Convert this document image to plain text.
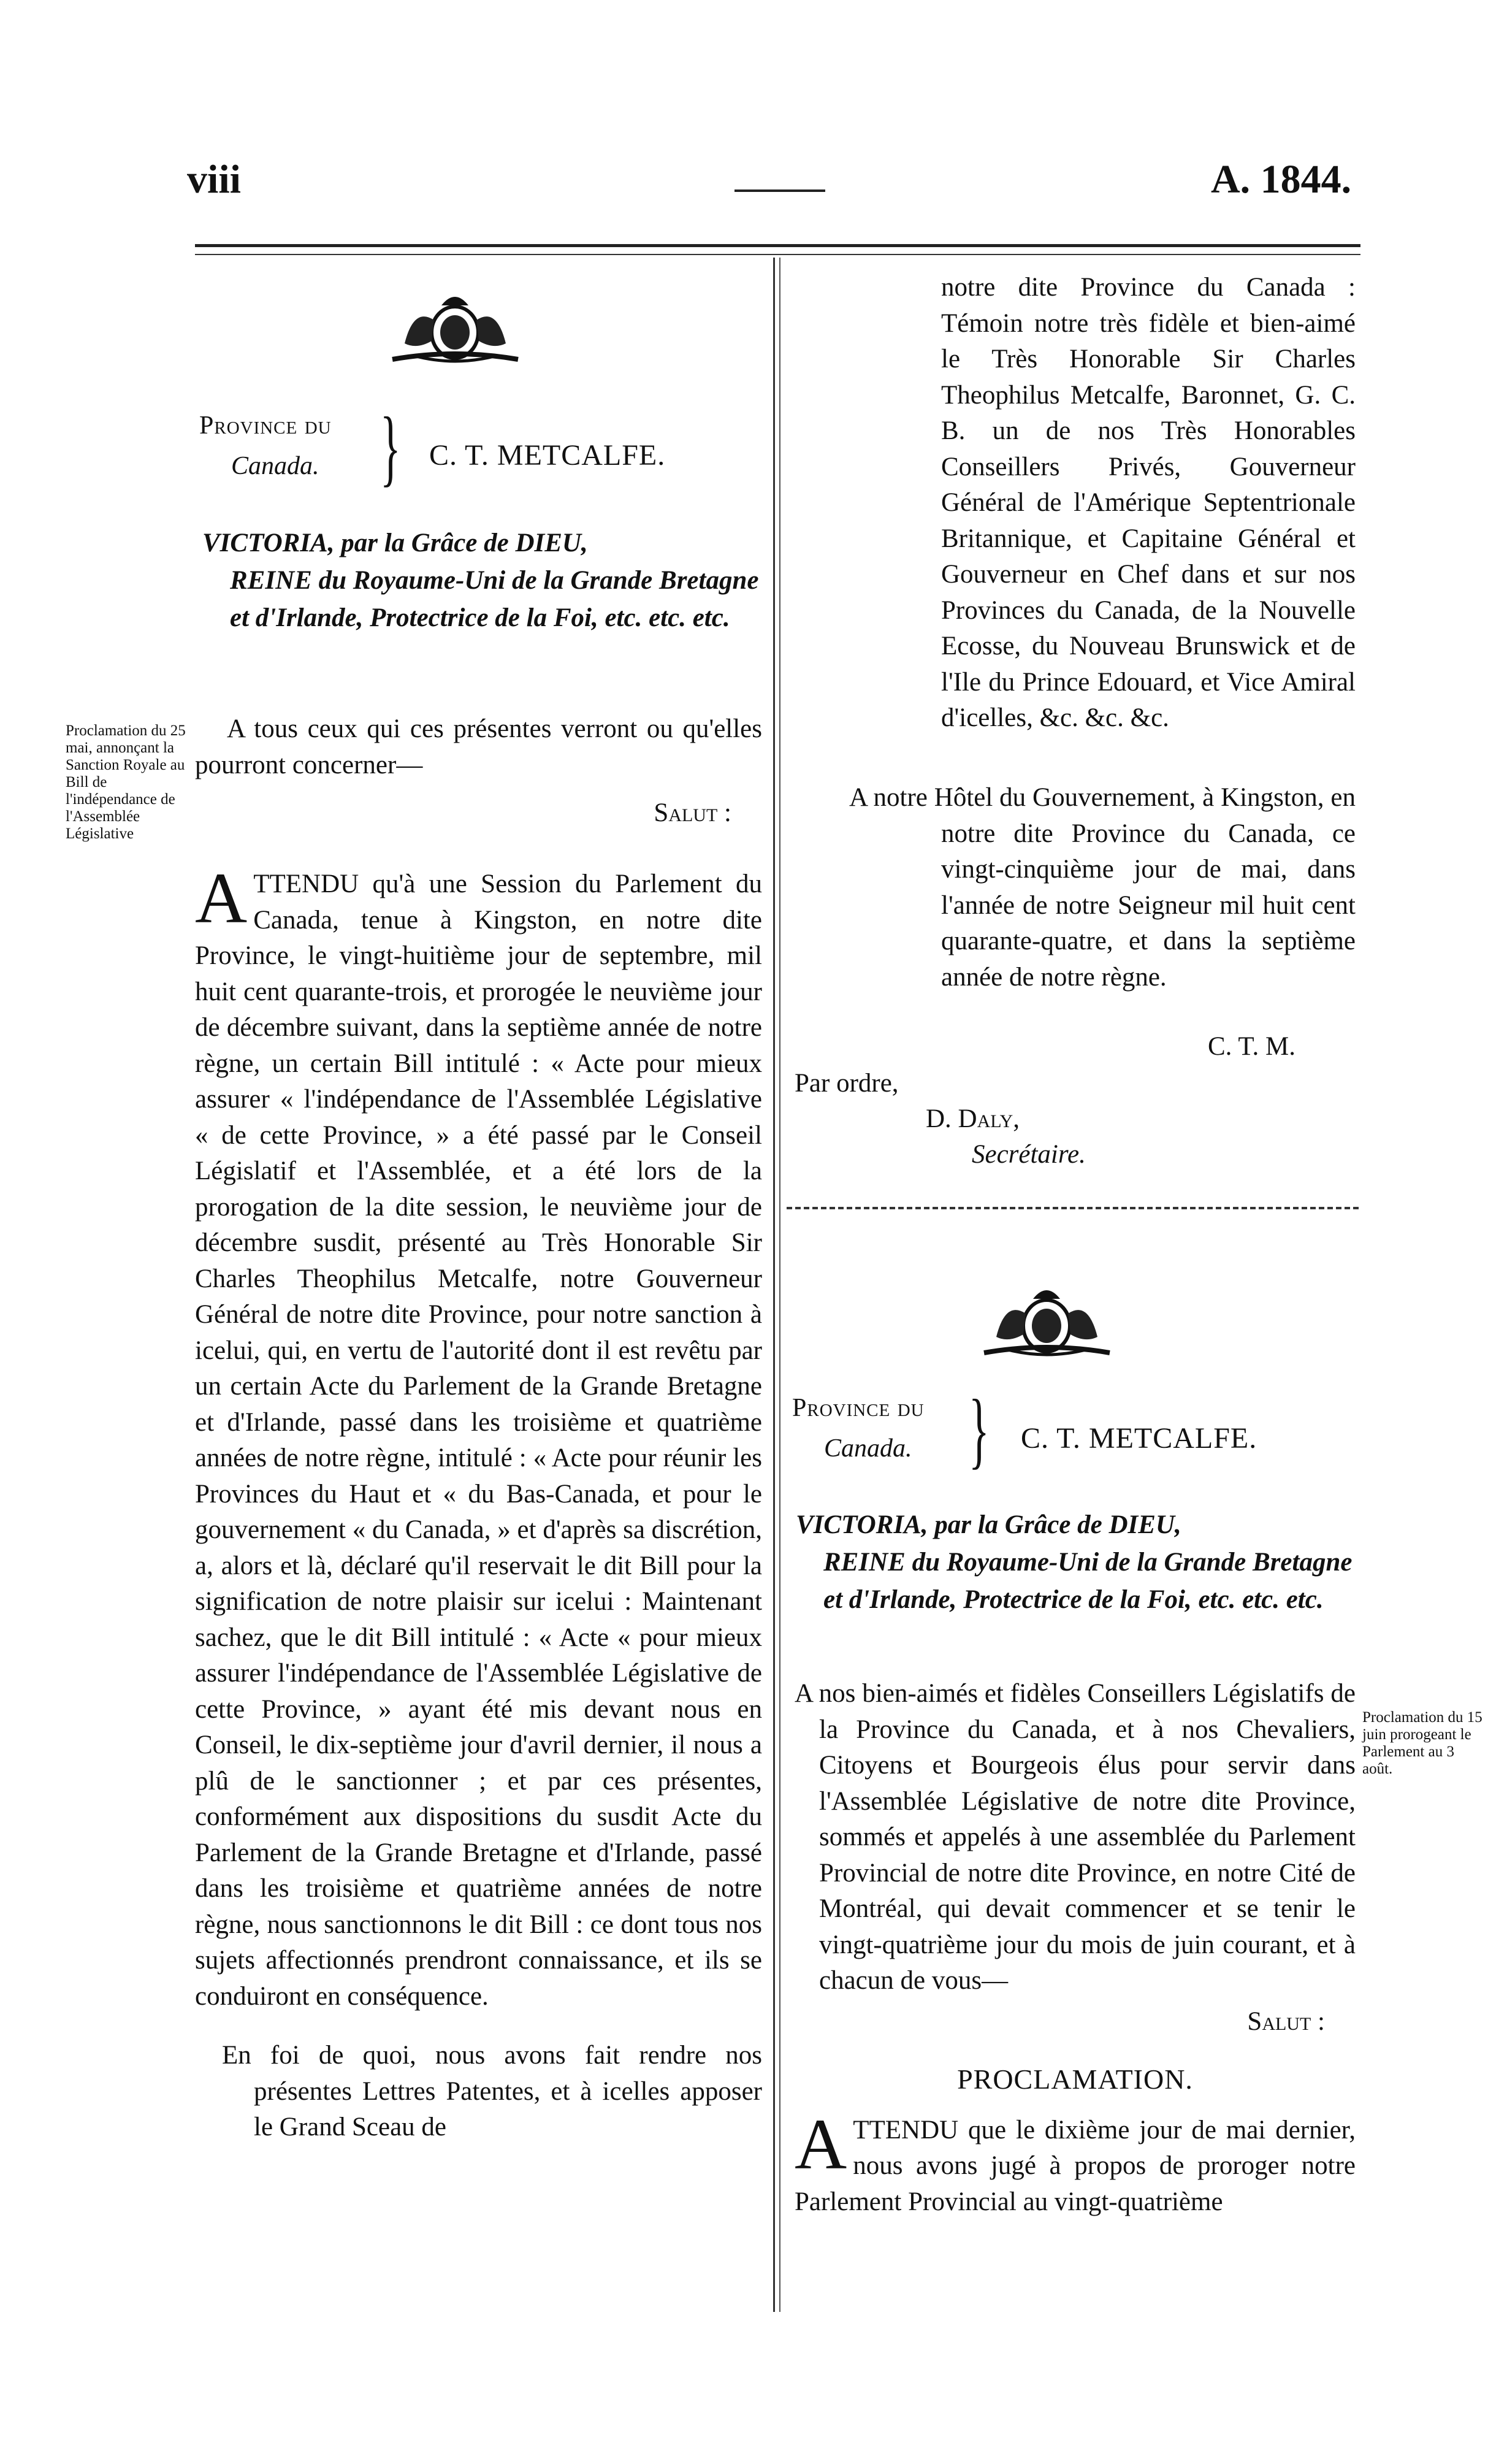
viii	A. 1844.
Province du
Canada. } C. T. METCALFE.
VICTORIA, par la Grâce de DIEU,
REINE du Royaume-Uni de la Grande Bretagne et d'Irlande, Protectrice de la Foi, etc. etc. etc.
Proclamation du 25 mai, annonçant la Sanction Royale au Bill de l'indépendance de l'Assemblée Législative

A tous ceux qui ces présentes verront ou qu'elles pourront concerner—

Salut :

A TTENDU qu'à une Session du Parlement du Canada, tenue à Kingston, en notre dite Province, le vingt-huitième jour de septembre, mil huit cent quarante-trois, et prorogée le neuvième jour de décembre suivant, dans la septième année de notre règne, un certain Bill intitulé : « Acte pour mieux assurer « l'indépendance de l'Assemblée Législative « de cette Province, » a été passé par le Conseil Législatif et l'Assemblée, et a été lors de la prorogation de la dite session, le neuvième jour de décembre susdit, présenté au Très Honorable Sir Charles Theophilus Metcalfe, notre Gouverneur Général de notre dite Province, pour notre sanction à icelui, qui, en vertu de l'autorité dont il est revêtu par un certain Acte du Parlement de la Grande Bretagne et d'Irlande, passé dans les troisième et quatrième années de notre règne, intitulé : « Acte pour réunir les Provinces du Haut et « du Bas-Canada, et pour le gouvernement « du Canada, » et d'après sa discrétion, a, alors et là, déclaré qu'il reservait le dit Bill pour la signification de notre plaisir sur icelui : Maintenant sachez, que le dit Bill intitulé : « Acte « pour mieux assurer l'indépendance de l'Assemblée Législative de cette Province, » ayant été mis devant nous en Conseil, le dix-septième jour d'avril dernier, il nous a plû de le sanctionner ; et par ces présentes, conformément aux dispositions du susdit Acte du Parlement de la Grande Bretagne et d'Irlande, passé dans les troisième et quatrième années de notre règne, nous sanctionnons le dit Bill : ce dont tous nos sujets affectionnés prendront connaissance, et ils se conduiront en conséquence.

En foi de quoi, nous avons fait rendre nos présentes Lettres Patentes, et à icelles apposer le Grand Sceau de

notre dite Province du Canada : Témoin notre très fidèle et bien-aimé le Très Honorable Sir Charles Theophilus Metcalfe, Baronnet, G. C. B. un de nos Très Honorables Conseillers Privés, Gouverneur Général de l'Amérique Septentrionale Britannique, et Capitaine Général et Gouverneur en Chef dans et sur nos Provinces du Canada, de la Nouvelle Ecosse, du Nouveau Brunswick et de l'Ile du Prince Edouard, et Vice Amiral d'icelles, &c. &c. &c.

A notre Hôtel du Gouvernement, à Kingston, en notre dite Province du Canada, ce vingt-cinquième jour de mai, dans l'année de notre Seigneur mil huit cent quarante-quatre, et dans la septième année de notre règne.

C. T. M.
Par ordre,
D. Daly,
Secrétaire.
Province du
Canada. } C. T. METCALFE.
VICTORIA, par la Grâce de DIEU,
REINE du Royaume-Uni de la Grande Bretagne et d'Irlande, Protectrice de la Foi, etc. etc. etc.
Proclamation du 15 juin prorogeant le Parlement au 3 août.

A nos bien-aimés et fidèles Conseillers Législatifs de la Province du Canada, et à nos Chevaliers, Citoyens et Bourgeois élus pour servir dans l'Assemblée Législative de notre dite Province, sommés et appelés à une assemblée du Parlement Provincial de notre dite Province, en notre Cité de Montréal, qui devait commencer et se tenir le vingt-quatrième jour du mois de juin courant, et à chacun de vous—

Salut :

PROCLAMATION.
A TTENDU que le dixième jour de mai dernier, nous avons jugé à propos de proroger notre Parlement Provincial au vingt-quatrième
